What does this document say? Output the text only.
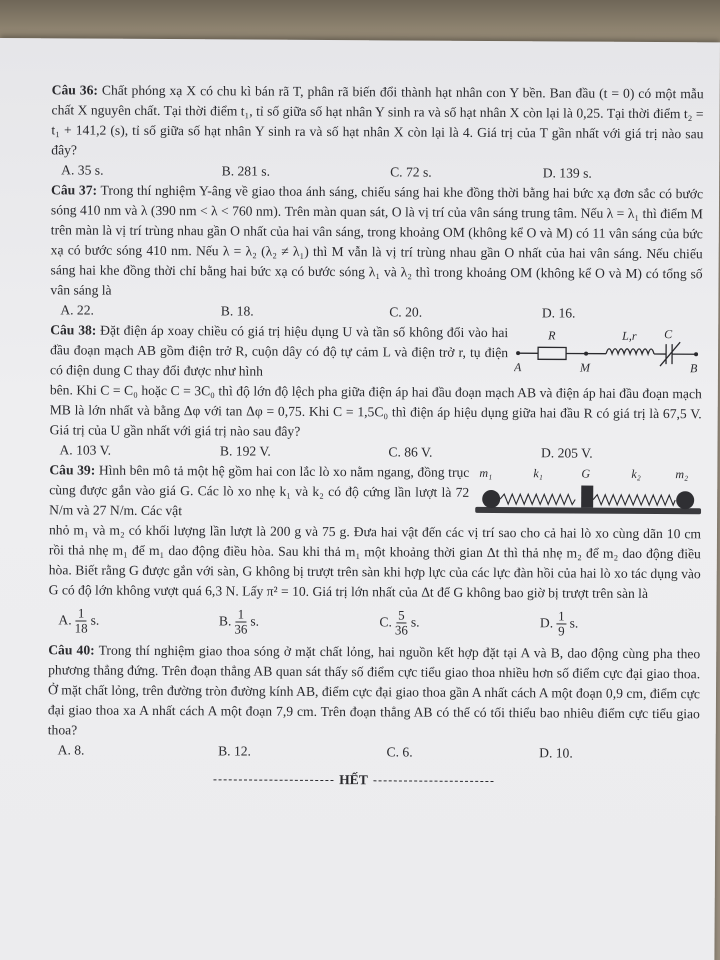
Câu 36: Chất phóng xạ X có chu kì bán rã T, phân rã biến đổi thành hạt nhân con Y bền. Ban đầu (t = 0) có một mẫu chất X nguyên chất. Tại thời điểm t₁, tỉ số giữa số hạt nhân Y sinh ra và số hạt nhân X còn lại là 0,25. Tại thời điểm t₂ = t₁ + 141,2 (s), tỉ số giữa số hạt nhân Y sinh ra và số hạt nhân X còn lại là 4. Giá trị của T gần nhất với giá trị nào sau đây?
A. 35 s.	B. 281 s.	C. 72 s.	D. 139 s.
Câu 37: Trong thí nghiệm Y-âng về giao thoa ánh sáng, chiếu sáng hai khe đồng thời bằng hai bức xạ đơn sắc có bước sóng 410 nm và λ (390 nm < λ < 760 nm). Trên màn quan sát, O là vị trí của vân sáng trung tâm. Nếu λ = λ₁ thì điểm M trên màn là vị trí trùng nhau gần O nhất của hai vân sáng, trong khoảng OM (không kể O và M) có 11 vân sáng của bức xạ có bước sóng 410 nm. Nếu λ = λ₂ (λ₂ ≠ λ₁) thì M vẫn là vị trí trùng nhau gần O nhất của hai vân sáng. Nếu chiếu sáng hai khe đồng thời chỉ bằng hai bức xạ có bước sóng λ₁ và λ₂ thì trong khoảng OM (không kể O và M) có tổng số vân sáng là
A. 22.	B. 18.	C. 20.	D. 16.
Câu 38: Đặt điện áp xoay chiều có giá trị hiệu dụng U và tần số không đổi vào hai đầu đoạn mạch AB gồm điện trở R, cuộn dây có độ tự cảm L và điện trở r, tụ điện có điện dung C thay đổi được như hình
R	L,r C
A	M	B
bên. Khi C = C₀ hoặc C = 3C₀ thì độ lớn độ lệch pha giữa điện áp hai đầu đoạn mạch AB và điện áp hai đầu đoạn mạch MB là lớn nhất và bằng Δφ với tan Δφ = 0,75. Khi C = 1,5C₀ thì điện áp hiệu dụng giữa hai đầu R có giá trị là 67,5 V. Giá trị của U gần nhất với giá trị nào sau đây?
A. 103 V.	B. 192 V.	C. 86 V.	D. 205 V.
Câu 39: Hình bên mô tả một hệ gồm hai con lắc lò xo nằm ngang, đồng trục cùng được gắn vào giá G. Các lò xo nhẹ k₁ và k₂ có độ cứng lần lượt là 72 N/m và 27 N/m. Các vật
m₁	k₁	G	k₂	m₂
nhỏ m₁ và m₂ có khối lượng lần lượt là 200 g và 75 g. Đưa hai vật đến các vị trí sao cho cả hai lò xo cùng dãn 10 cm rồi thả nhẹ m₁ để m₁ dao động điều hòa. Sau khi thả m₁ một khoảng thời gian Δt thì thả nhẹ m₂ để m₂ dao động điều hòa. Biết rằng G được gắn với sàn, G không bị trượt trên sàn khi hợp lực của các lực đàn hồi của hai lò xo tác dụng vào G có độ lớn không vượt quá 6,3 N. Lấy π² = 10. Giá trị lớn nhất của Δt để G không bao giờ bị trượt trên sàn là
A. $\frac{1}{18} s$.	B. $\frac{1}{36} s$.	C. $\frac{5}{36} s$.	D. $\frac{1}{9} s$.
Câu 40: Trong thí nghiệm giao thoa sóng ở mặt chất lỏng, hai nguồn kết hợp đặt tại A và B, dao động cùng pha theo phương thẳng đứng. Trên đoạn thẳng AB quan sát thấy số điểm cực tiểu giao thoa nhiều hơn số điểm cực đại giao thoa. Ở mặt chất lỏng, trên đường tròn đường kính AB, điểm cực đại giao thoa gần A nhất cách A một đoạn 0,9 cm, điểm cực đại giao thoa xa A nhất cách A một đoạn 7,9 cm. Trên đoạn thẳng AB có thể có tối thiểu bao nhiêu điểm cực tiểu giao thoa?
A. 8.	B. 12.	C. 6.	D. 10.
HẾT
